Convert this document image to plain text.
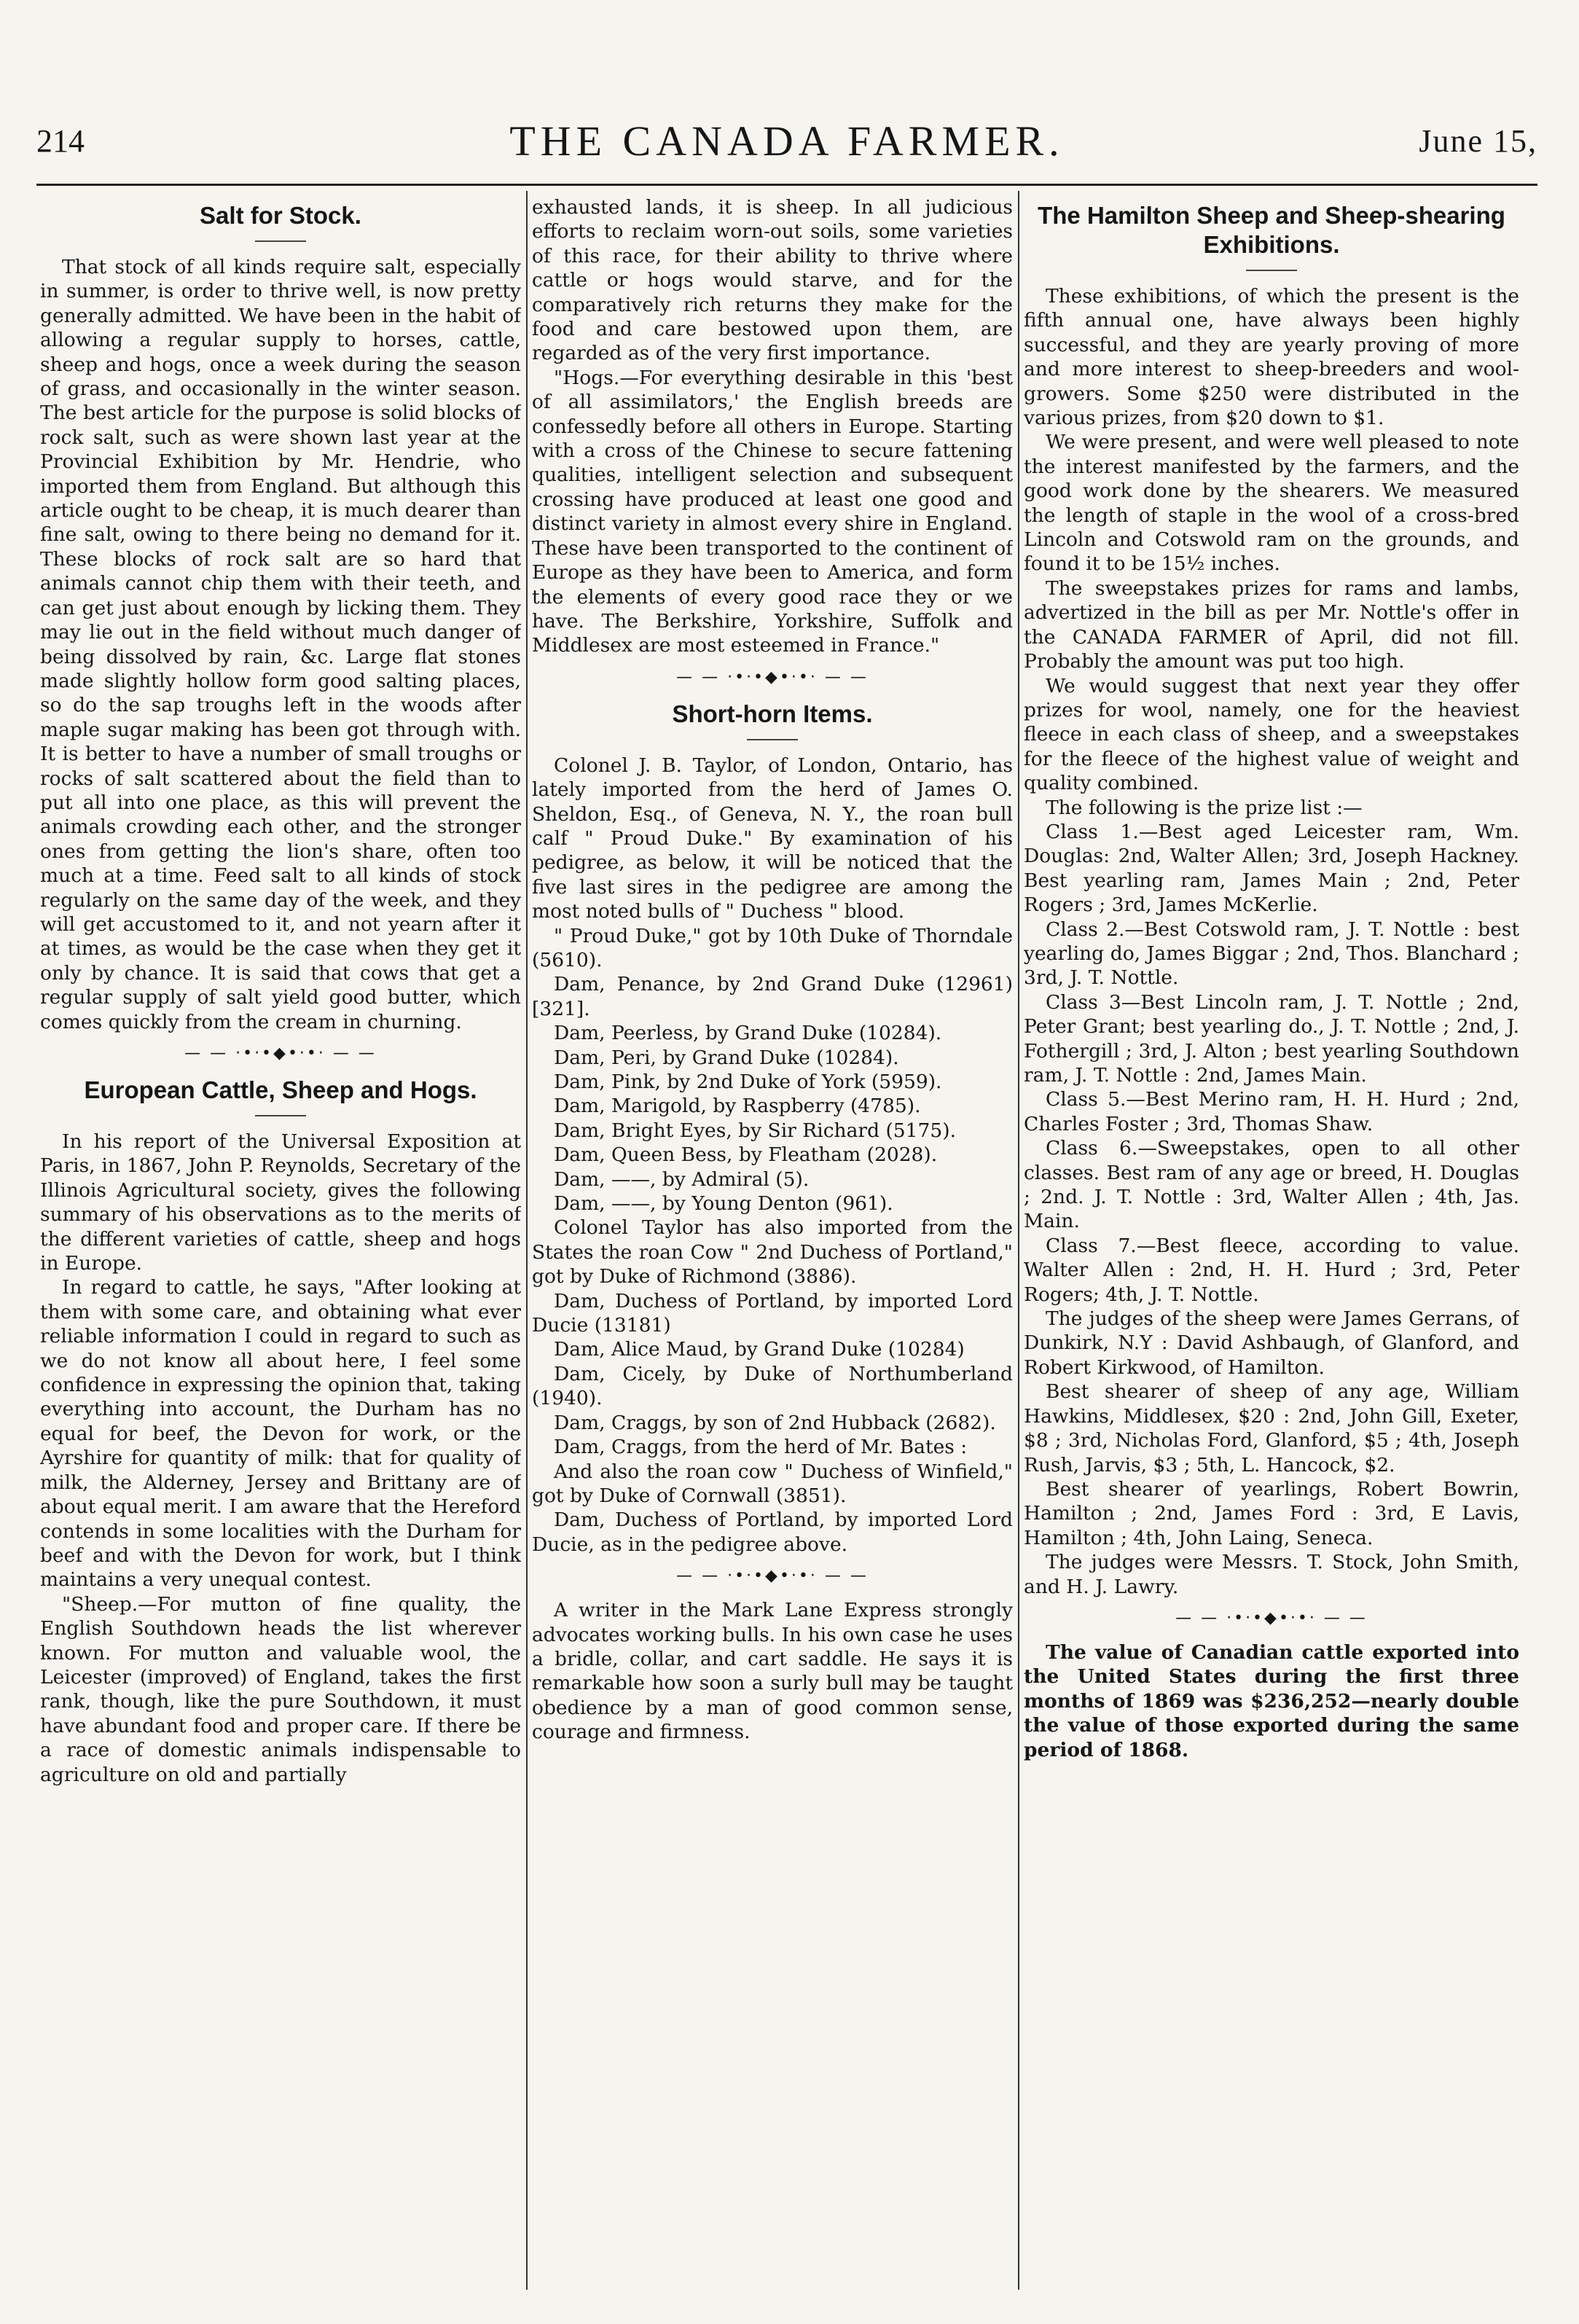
214	THE CANADA FARMER.	June 15,
Salt for Stock.

That stock of all kinds require salt, especially in summer, is order to thrive well, is now pretty generally admitted. We have been in the habit of allowing a regular supply to horses, cattle, sheep and hogs, once a week during the season of grass, and occasionally in the winter season. The best article for the purpose is solid blocks of rock salt, such as were shown last year at the Provincial Exhibition by Mr. Hendrie, who imported them from England. But although this article ought to be cheap, it is much dearer than fine salt, owing to there being no demand for it. These blocks of rock salt are so hard that animals cannot chip them with their teeth, and can get just about enough by licking them. They may lie out in the field without much danger of being dissolved by rain, &c. Large flat stones made slightly hollow form good salting places, so do the sap troughs left in the woods after maple sugar making has been got through with. It is better to have a number of small troughs or rocks of salt scattered about the field than to put all into one place, as this will prevent the animals crowding each other, and the stronger ones from getting the lion's share, often too much at a time. Feed salt to all kinds of stock regularly on the same day of the week, and they will get accustomed to it, and not yearn after it at times, as would be the case when they get it only by chance. It is said that cows that get a regular supply of salt yield good butter, which comes quickly from the cream in churning.

— — ·•·•◆•·•· — —
European Cattle, Sheep and Hogs.

In his report of the Universal Exposition at Paris, in 1867, John P. Reynolds, Secretary of the Illinois Agricultural society, gives the following summary of his observations as to the merits of the different varieties of cattle, sheep and hogs in Europe.

In regard to cattle, he says, "After looking at them with some care, and obtaining what ever reliable information I could in regard to such as we do not know all about here, I feel some confidence in expressing the opinion that, taking everything into account, the Durham has no equal for beef, the Devon for work, or the Ayrshire for quantity of milk: that for quality of milk, the Alderney, Jersey and Brittany are of about equal merit. I am aware that the Hereford contends in some localities with the Durham for beef and with the Devon for work, but I think maintains a very unequal contest.

"Sheep.—For mutton of fine quality, the English Southdown heads the list wherever known. For mutton and valuable wool, the Leicester (improved) of England, takes the first rank, though, like the pure Southdown, it must have abundant food and proper care. If there be a race of domestic animals indispensable to agriculture on old and partially

exhausted lands, it is sheep. In all judicious efforts to reclaim worn-out soils, some varieties of this race, for their ability to thrive where cattle or hogs would starve, and for the comparatively rich returns they make for the food and care bestowed upon them, are regarded as of the very first importance.

"Hogs.—For everything desirable in this 'best of all assimilators,' the English breeds are confessedly before all others in Europe. Starting with a cross of the Chinese to secure fattening qualities, intelligent selection and subsequent crossing have produced at least one good and distinct variety in almost every shire in England. These have been transported to the continent of Europe as they have been to America, and form the elements of every good race they or we have. The Berkshire, Yorkshire, Suffolk and Middlesex are most esteemed in France."

— — ·•·•◆•·•· — —
Short-horn Items.

Colonel J. B. Taylor, of London, Ontario, has lately imported from the herd of James O. Sheldon, Esq., of Geneva, N. Y., the roan bull calf " Proud Duke." By examination of his pedigree, as below, it will be noticed that the five last sires in the pedigree are among the most noted bulls of " Duchess " blood.

" Proud Duke," got by 10th Duke of Thorndale (5610).

Dam, Penance, by 2nd Grand Duke (12961) [321].

Dam, Peerless, by Grand Duke (10284).

Dam, Peri, by Grand Duke (10284).

Dam, Pink, by 2nd Duke of York (5959).

Dam, Marigold, by Raspberry (4785).

Dam, Bright Eyes, by Sir Richard (5175).

Dam, Queen Bess, by Fleatham (2028).

Dam, ——, by Admiral (5).

Dam, ——, by Young Denton (961).

Colonel Taylor has also imported from the States the roan Cow " 2nd Duchess of Portland," got by Duke of Richmond (3886).

Dam, Duchess of Portland, by imported Lord Ducie (13181)

Dam, Alice Maud, by Grand Duke (10284)

Dam, Cicely, by Duke of Northumberland (1940).

Dam, Craggs, by son of 2nd Hubback (2682).

Dam, Craggs, from the herd of Mr. Bates :

And also the roan cow " Duchess of Winfield," got by Duke of Cornwall (3851).

Dam, Duchess of Portland, by imported Lord Ducie, as in the pedigree above.

— — ·•·•◆•·•· — —

A writer in the Mark Lane Express strongly advocates working bulls. In his own case he uses a bridle, collar, and cart saddle. He says it is remarkable how soon a surly bull may be taught obedience by a man of good common sense, courage and firmness.

The Hamilton Sheep and Sheep-shearing Exhibitions.

These exhibitions, of which the present is the fifth annual one, have always been highly successful, and they are yearly proving of more and more interest to sheep-breeders and wool-growers. Some $250 were distributed in the various prizes, from $20 down to $1.

We were present, and were well pleased to note the interest manifested by the farmers, and the good work done by the shearers. We measured the length of staple in the wool of a cross-bred Lincoln and Cotswold ram on the grounds, and found it to be 15½ inches.

The sweepstakes prizes for rams and lambs, advertized in the bill as per Mr. Nottle's offer in the CANADA FARMER of April, did not fill. Probably the amount was put too high.

We would suggest that next year they offer prizes for wool, namely, one for the heaviest fleece in each class of sheep, and a sweepstakes for the fleece of the highest value of weight and quality combined.

The following is the prize list :—

Class 1.—Best aged Leicester ram, Wm. Douglas: 2nd, Walter Allen; 3rd, Joseph Hackney. Best yearling ram, James Main ; 2nd, Peter Rogers ; 3rd, James McKerlie.

Class 2.—Best Cotswold ram, J. T. Nottle : best yearling do, James Biggar ; 2nd, Thos. Blanchard ; 3rd, J. T. Nottle.

Class 3—Best Lincoln ram, J. T. Nottle ; 2nd, Peter Grant; best yearling do., J. T. Nottle ; 2nd, J. Fothergill ; 3rd, J. Alton ; best yearling Southdown ram, J. T. Nottle : 2nd, James Main.

Class 5.—Best Merino ram, H. H. Hurd ; 2nd, Charles Foster ; 3rd, Thomas Shaw.

Class 6.—Sweepstakes, open to all other classes. Best ram of any age or breed, H. Douglas ; 2nd. J. T. Nottle : 3rd, Walter Allen ; 4th, Jas. Main.

Class 7.—Best fleece, according to value. Walter Allen : 2nd, H. H. Hurd ; 3rd, Peter Rogers; 4th, J. T. Nottle.

The judges of the sheep were James Gerrans, of Dunkirk, N.Y : David Ashbaugh, of Glanford, and Robert Kirkwood, of Hamilton.

Best shearer of sheep of any age, William Hawkins, Middlesex, $20 : 2nd, John Gill, Exeter, $8 ; 3rd, Nicholas Ford, Glanford, $5 ; 4th, Joseph Rush, Jarvis, $3 ; 5th, L. Hancock, $2.

Best shearer of yearlings, Robert Bowrin, Hamilton ; 2nd, James Ford : 3rd, E Lavis, Hamilton ; 4th, John Laing, Seneca.

The judges were Messrs. T. Stock, John Smith, and H. J. Lawry.

— — ·•·•◆•·•· — —

The value of Canadian cattle exported into the United States during the first three months of 1869 was $236,252—nearly double the value of those exported during the same period of 1868.
